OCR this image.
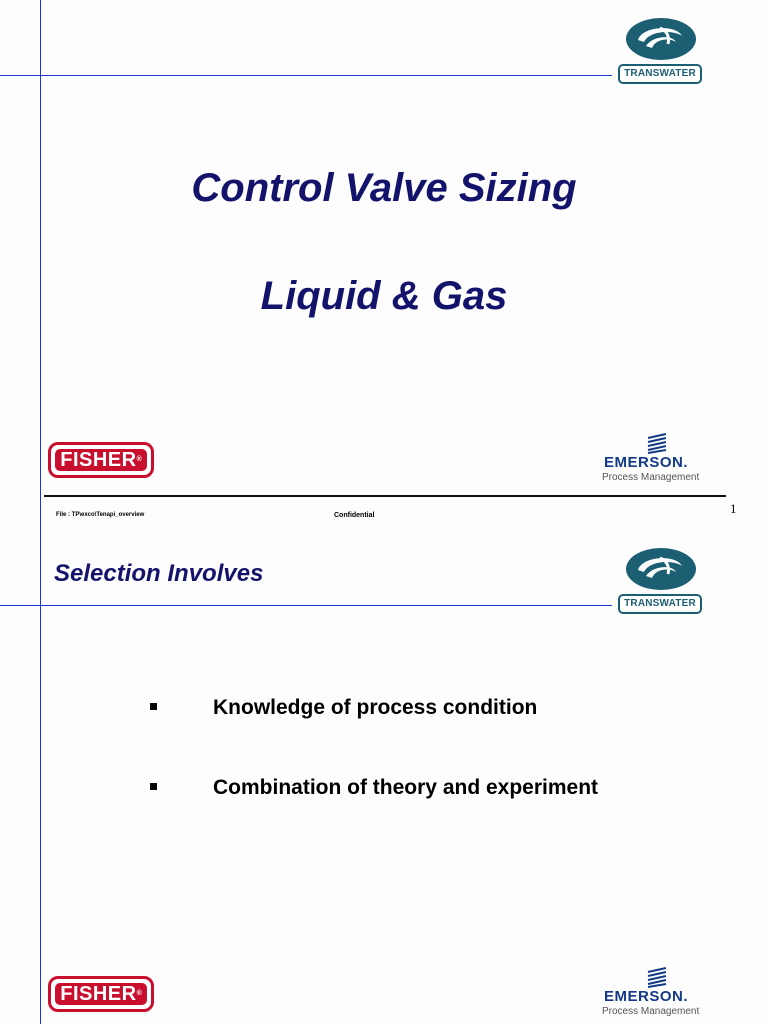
TRANSWATER
Control Valve Sizing
Liquid & Gas
FISHER®	EMERSON.
Process Management
File : TP\exco\Tenapi_overview	Confidential	1
TRANSWATER
Selection Involves
Knowledge of process condition
Combination of theory and experiment
FISHER®	EMERSON.
Process Management
